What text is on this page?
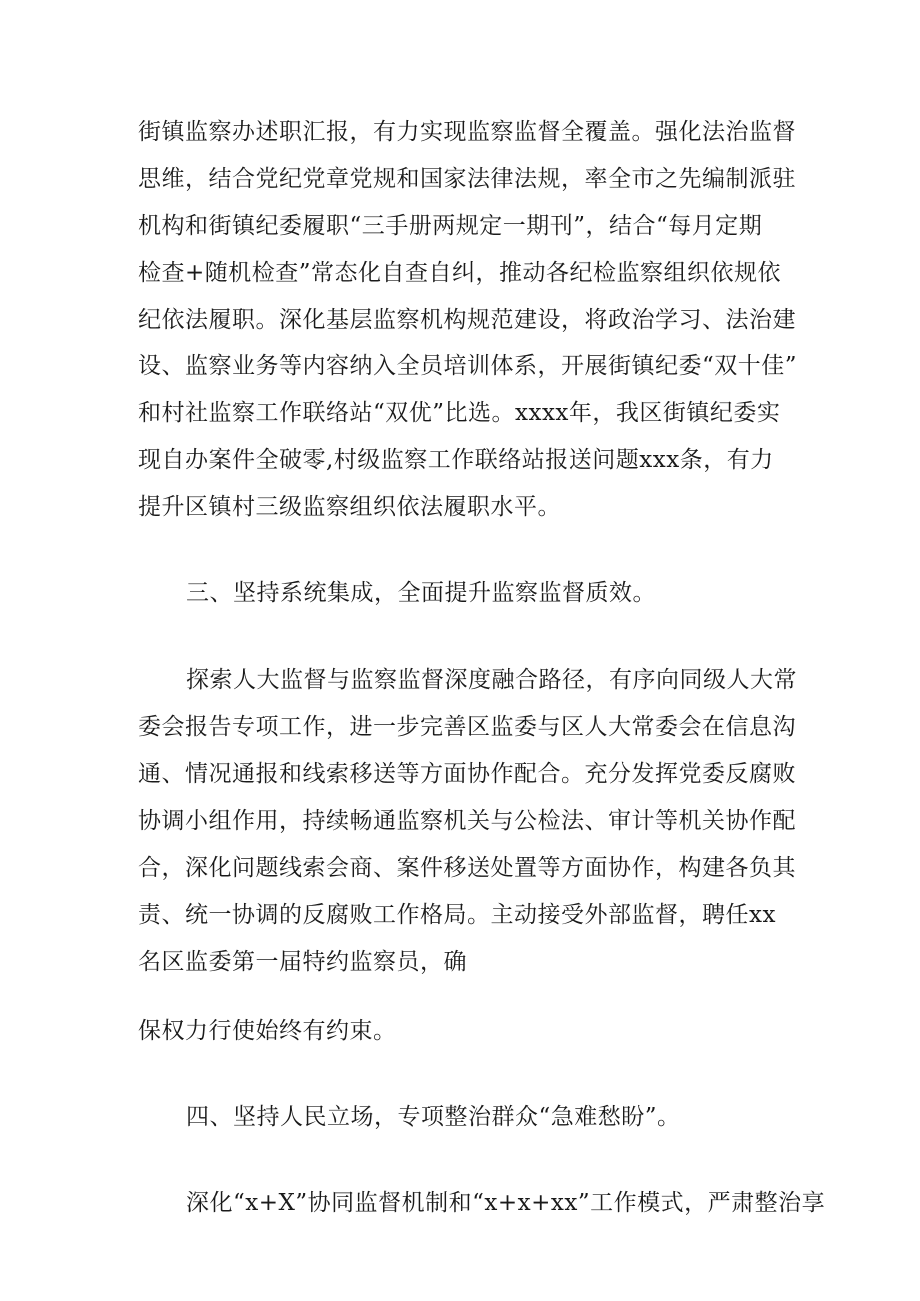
街镇监察办述职汇报，有力实现监察监督全覆盖。强化法治监督
思维，结合党纪党章党规和国家法律法规，率全市之先编制派驻
机构和街镇纪委履职“三手册两规定一期刊”，结合“每月定期
检查+随机检查”常态化自查自纠，推动各纪检监察组织依规依
纪依法履职。深化基层监察机构规范建设，将政治学习、法治建
设、监察业务等内容纳入全员培训体系，开展街镇纪委“双十佳”
和村社监察工作联络站“双优”比选。xxxx年，我区街镇纪委实
现自办案件全破零,村级监察工作联络站报送问题xxx条，有力
提升区镇村三级监察组织依法履职水平。
三、坚持系统集成，全面提升监察监督质效。
探索人大监督与监察监督深度融合路径，有序向同级人大常
委会报告专项工作，进一步完善区监委与区人大常委会在信息沟
通、情况通报和线索移送等方面协作配合。充分发挥党委反腐败
协调小组作用，持续畅通监察机关与公检法、审计等机关协作配
合，深化问题线索会商、案件移送处置等方面协作，构建各负其
责、统一协调的反腐败工作格局。主动接受外部监督，聘任xx
名区监委第一届特约监察员，确
保权力行使始终有约束。
四、坚持人民立场，专项整治群众“急难愁盼”。
深化“x+X”协同监督机制和“x+x+xx”工作模式，严肃整治享
